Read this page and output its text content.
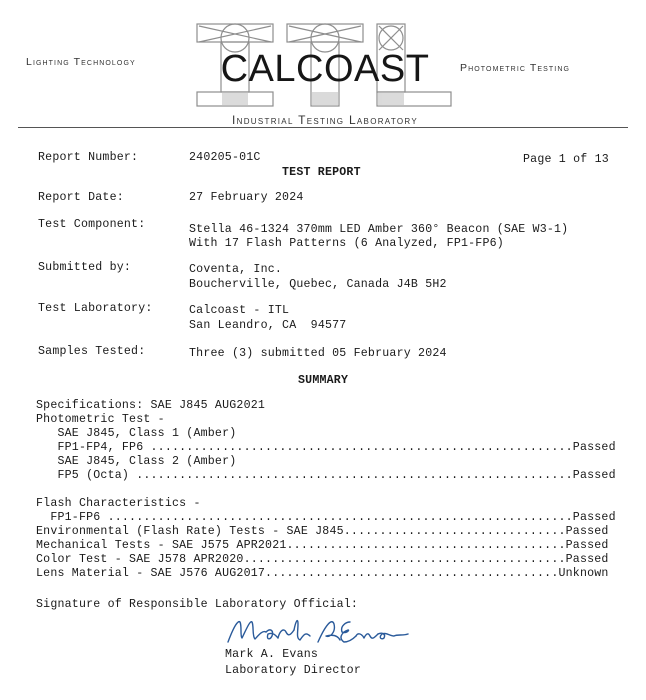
Lighting Technology	Photometric Testing
CALCOAST
Industrial Testing Laboratory
Report Number:	240205-01C	Page 1 of 13
TEST REPORT
Report Date:	27 February 2024
Test Component:	Stella 46-1324 370mm LED Amber 360° Beacon (SAE W3-1)
With 17 Flash Patterns (6 Analyzed, FP1-FP6)
Submitted by:	Coventa, Inc.
Boucherville, Quebec, Canada J4B 5H2
Test Laboratory:	Calcoast - ITL
San Leandro, CA  94577
Samples Tested:	Three (3) submitted 05 February 2024
SUMMARY
Specifications: SAE J845 AUG2021
Photometric Test -
SAE J845, Class 1 (Amber)
FP1-FP4, FP6 ...........................................................Passed
SAE J845, Class 2 (Amber)
FP5 (Octa) .............................................................Passed
Flash Characteristics -
FP1-FP6 .................................................................Passed
Environmental (Flash Rate) Tests - SAE J845...............................Passed
Mechanical Tests - SAE J575 APR2021.......................................Passed
Color Test - SAE J578 APR2020.............................................Passed
Lens Material - SAE J576 AUG2017.........................................Unknown
Signature of Responsible Laboratory Official:
Mark A. Evans
Laboratory Director
